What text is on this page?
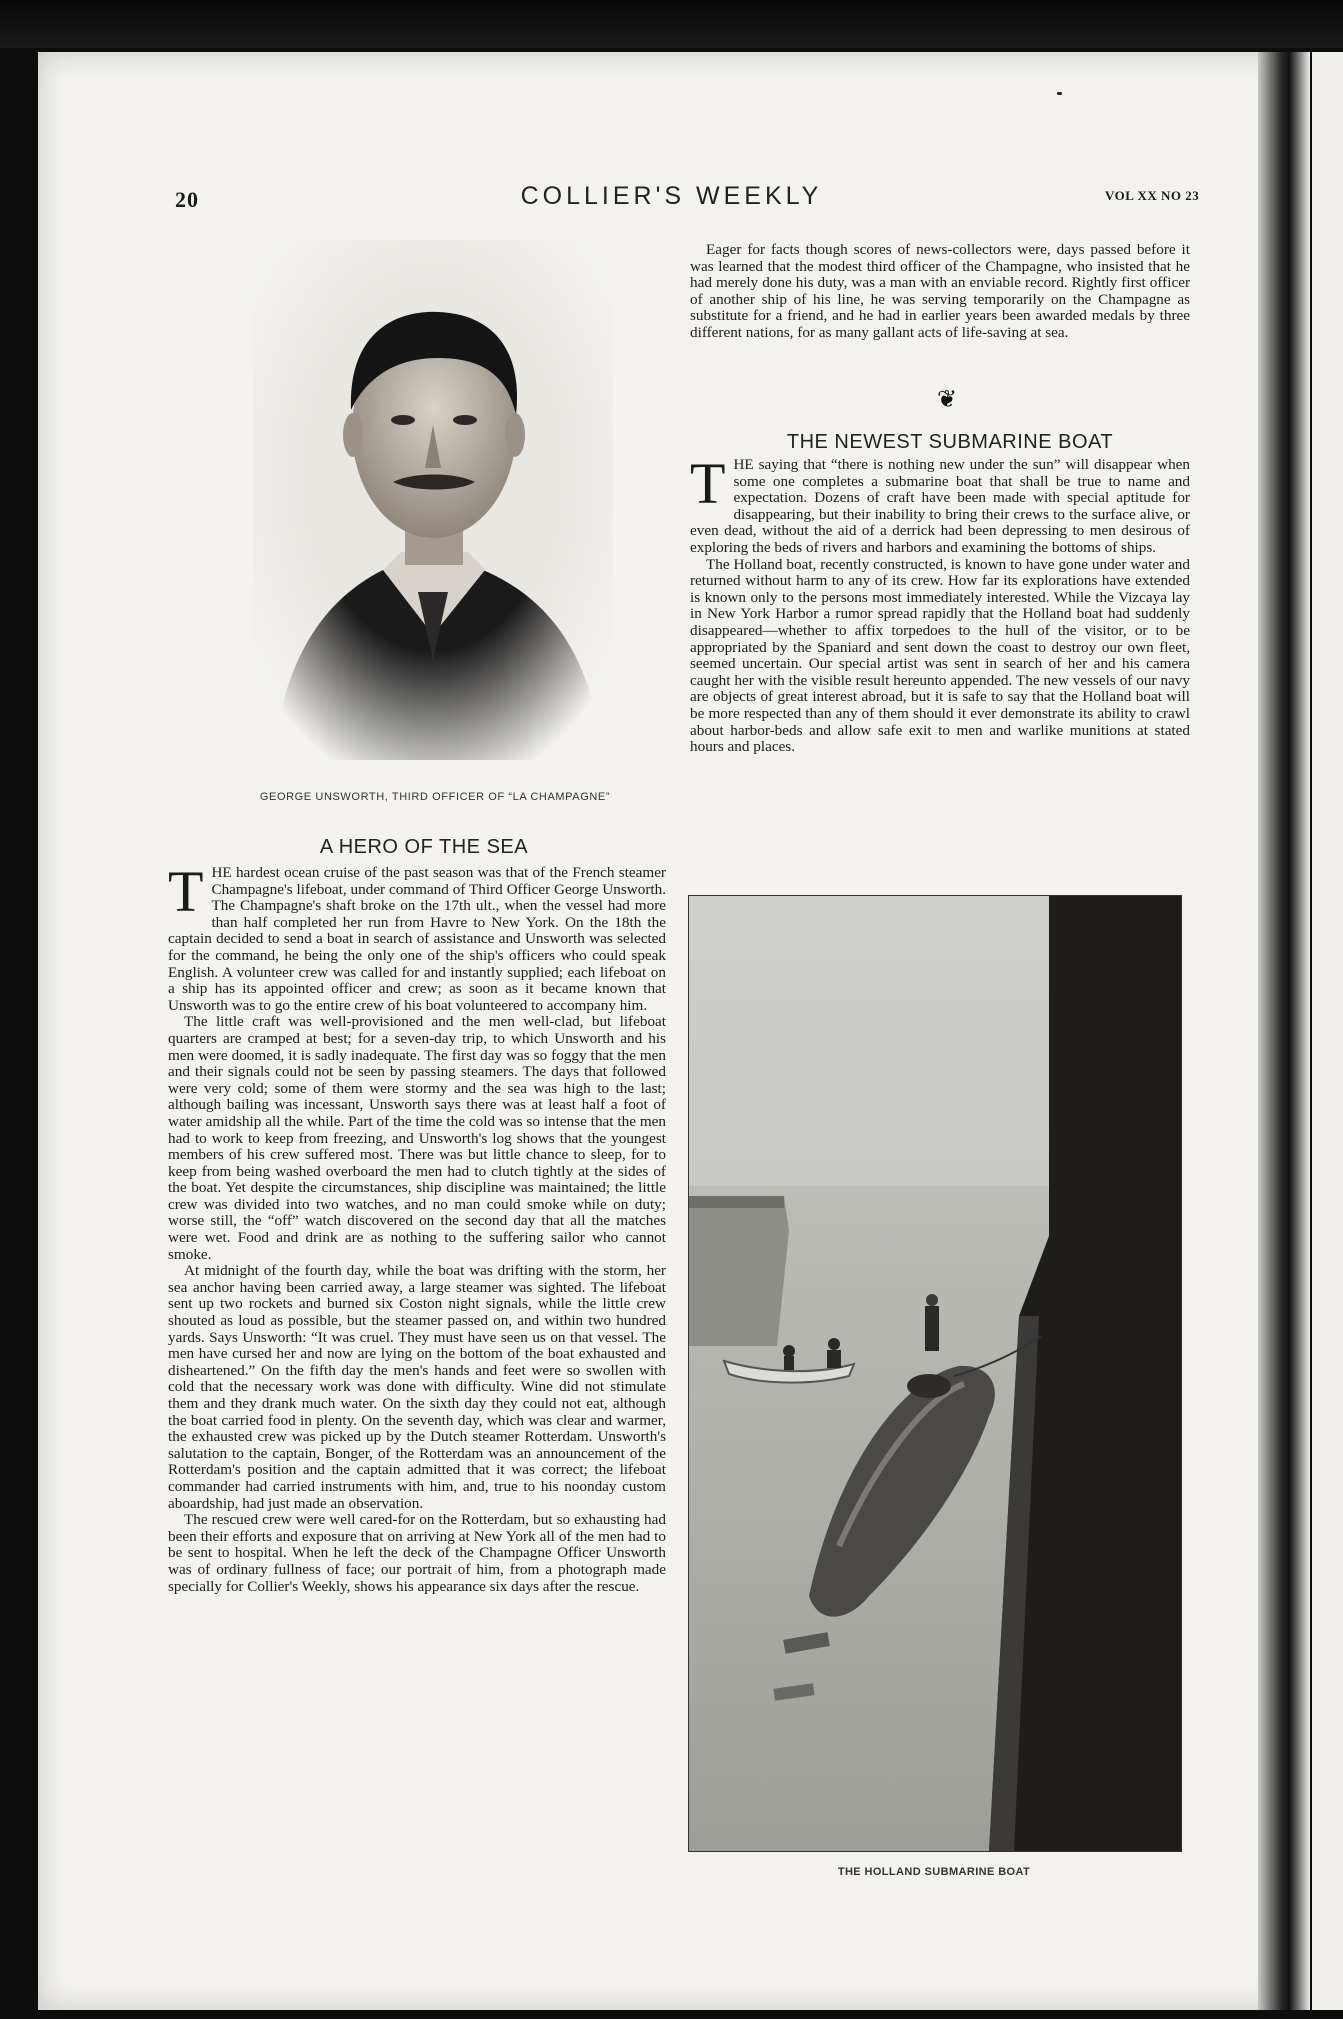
20	COLLIER'S WEEKLY	VOL XX NO 23
GEORGE UNSWORTH, THIRD OFFICER OF “LA CHAMPAGNE”

Eager for facts though scores of news-collectors were, days passed before it was learned that the modest third officer of the Champagne, who insisted that he had merely done his duty, was a man with an enviable record. Rightly first officer of another ship of his line, he was serving temporarily on the Champagne as substitute for a friend, and he had in earlier years been awarded medals by three different nations, for as many gallant acts of life-saving at sea.

❦
THE NEWEST SUBMARINE BOAT

THE saying that “there is nothing new under the sun” will disappear when some one completes a submarine boat that shall be true to name and expectation. Dozens of craft have been made with special aptitude for disappearing, but their inability to bring their crews to the surface alive, or even dead, without the aid of a derrick had been depressing to men desirous of exploring the beds of rivers and harbors and examining the bottoms of ships.

The Holland boat, recently constructed, is known to have gone under water and returned without harm to any of its crew. How far its explorations have extended is known only to the persons most immediately interested. While the Vizcaya lay in New York Harbor a rumor spread rapidly that the Holland boat had suddenly disappeared—whether to affix torpedoes to the hull of the visitor, or to be appropriated by the Spaniard and sent down the coast to destroy our own fleet, seemed uncertain. Our special artist was sent in search of her and his camera caught her with the visible result hereunto appended. The new vessels of our navy are objects of great interest abroad, but it is safe to say that the Holland boat will be more respected than any of them should it ever demonstrate its ability to crawl about harbor-beds and allow safe exit to men and warlike munitions at stated hours and places.

A HERO OF THE SEA

THE hardest ocean cruise of the past season was that of the French steamer Champagne's lifeboat, under command of Third Officer George Unsworth. The Champagne's shaft broke on the 17th ult., when the vessel had more than half completed her run from Havre to New York. On the 18th the captain decided to send a boat in search of assistance and Unsworth was selected for the command, he being the only one of the ship's officers who could speak English. A volunteer crew was called for and instantly supplied; each lifeboat on a ship has its appointed officer and crew; as soon as it became known that Unsworth was to go the entire crew of his boat volunteered to accompany him.

The little craft was well-provisioned and the men well-clad, but lifeboat quarters are cramped at best; for a seven-day trip, to which Unsworth and his men were doomed, it is sadly inadequate. The first day was so foggy that the men and their signals could not be seen by passing steamers. The days that followed were very cold; some of them were stormy and the sea was high to the last; although bailing was incessant, Unsworth says there was at least half a foot of water amidship all the while. Part of the time the cold was so intense that the men had to work to keep from freezing, and Unsworth's log shows that the youngest members of his crew suffered most. There was but little chance to sleep, for to keep from being washed overboard the men had to clutch tightly at the sides of the boat. Yet despite the circumstances, ship discipline was maintained; the little crew was divided into two watches, and no man could smoke while on duty; worse still, the “off” watch discovered on the second day that all the matches were wet. Food and drink are as nothing to the suffering sailor who cannot smoke.

At midnight of the fourth day, while the boat was drifting with the storm, her sea anchor having been carried away, a large steamer was sighted. The lifeboat sent up two rockets and burned six Coston night signals, while the little crew shouted as loud as possible, but the steamer passed on, and within two hundred yards. Says Unsworth: “It was cruel. They must have seen us on that vessel. The men have cursed her and now are lying on the bottom of the boat exhausted and disheartened.” On the fifth day the men's hands and feet were so swollen with cold that the necessary work was done with difficulty. Wine did not stimulate them and they drank much water. On the sixth day they could not eat, although the boat carried food in plenty. On the seventh day, which was clear and warmer, the exhausted crew was picked up by the Dutch steamer Rotterdam. Unsworth's salutation to the captain, Bonger, of the Rotterdam was an announcement of the Rotterdam's position and the captain admitted that it was correct; the lifeboat commander had carried instruments with him, and, true to his noonday custom aboardship, had just made an observation.

The rescued crew were well cared-for on the Rotterdam, but so exhausting had been their efforts and exposure that on arriving at New York all of the men had to be sent to hospital. When he left the deck of the Champagne Officer Unsworth was of ordinary fullness of face; our portrait of him, from a photograph made specially for Collier's Weekly, shows his appearance six days after the rescue.

THE HOLLAND SUBMARINE BOAT
